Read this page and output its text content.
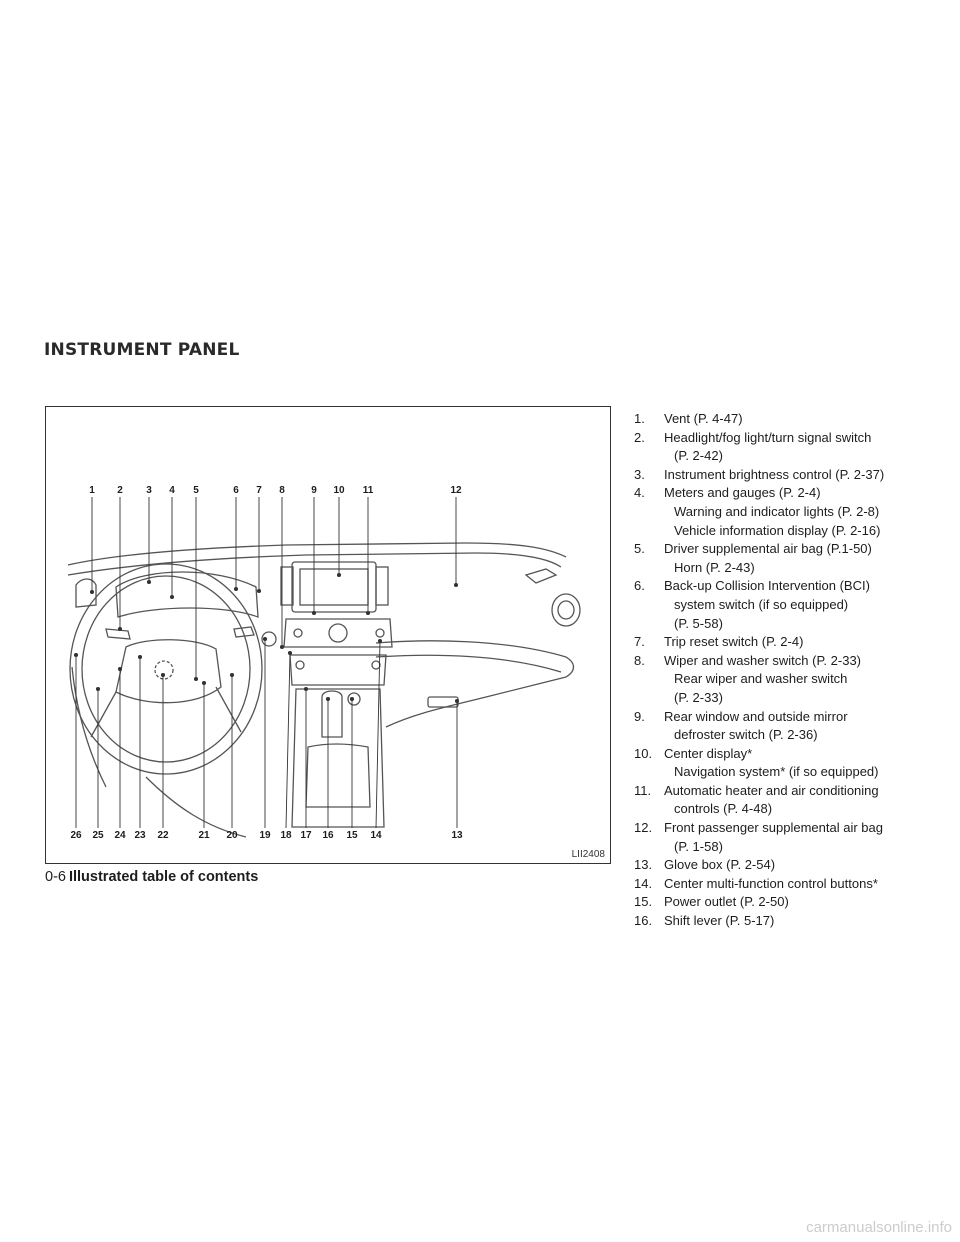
INSTRUMENT PANEL
1 2 3 4 5	6 7 8	9 10 11	12
26 25 24 23 22	21 20 19 18 17 16 15 14	13

LII2408

1. Vent (P. 4-47)
2. Headlight/fog light/turn signal switch
(P. 2-42)
3. Instrument brightness control (P. 2-37)
4. Meters and gauges (P. 2-4)
Warning and indicator lights (P. 2-8)
Vehicle information display (P. 2-16)
5. Driver supplemental air bag (P.1-50)
Horn (P. 2-43)
6. Back-up Collision Intervention (BCI)
system switch (if so equipped)
(P. 5-58)
7. Trip reset switch (P. 2-4)
8. Wiper and washer switch (P. 2-33)
Rear wiper and washer switch
(P. 2-33)
9. Rear window and outside mirror
defroster switch (P. 2-36)
10. Center display*
Navigation system* (if so equipped)
11. Automatic heater and air conditioning
controls (P. 4-48)
12. Front passenger supplemental air bag
(P. 1-58)
13. Glove box (P. 2-54)
14. Center multi-function control buttons*
15. Power outlet (P. 2-50)
16. Shift lever (P. 5-17)
0-6 Illustrated table of contents
carmanualsonline.info
